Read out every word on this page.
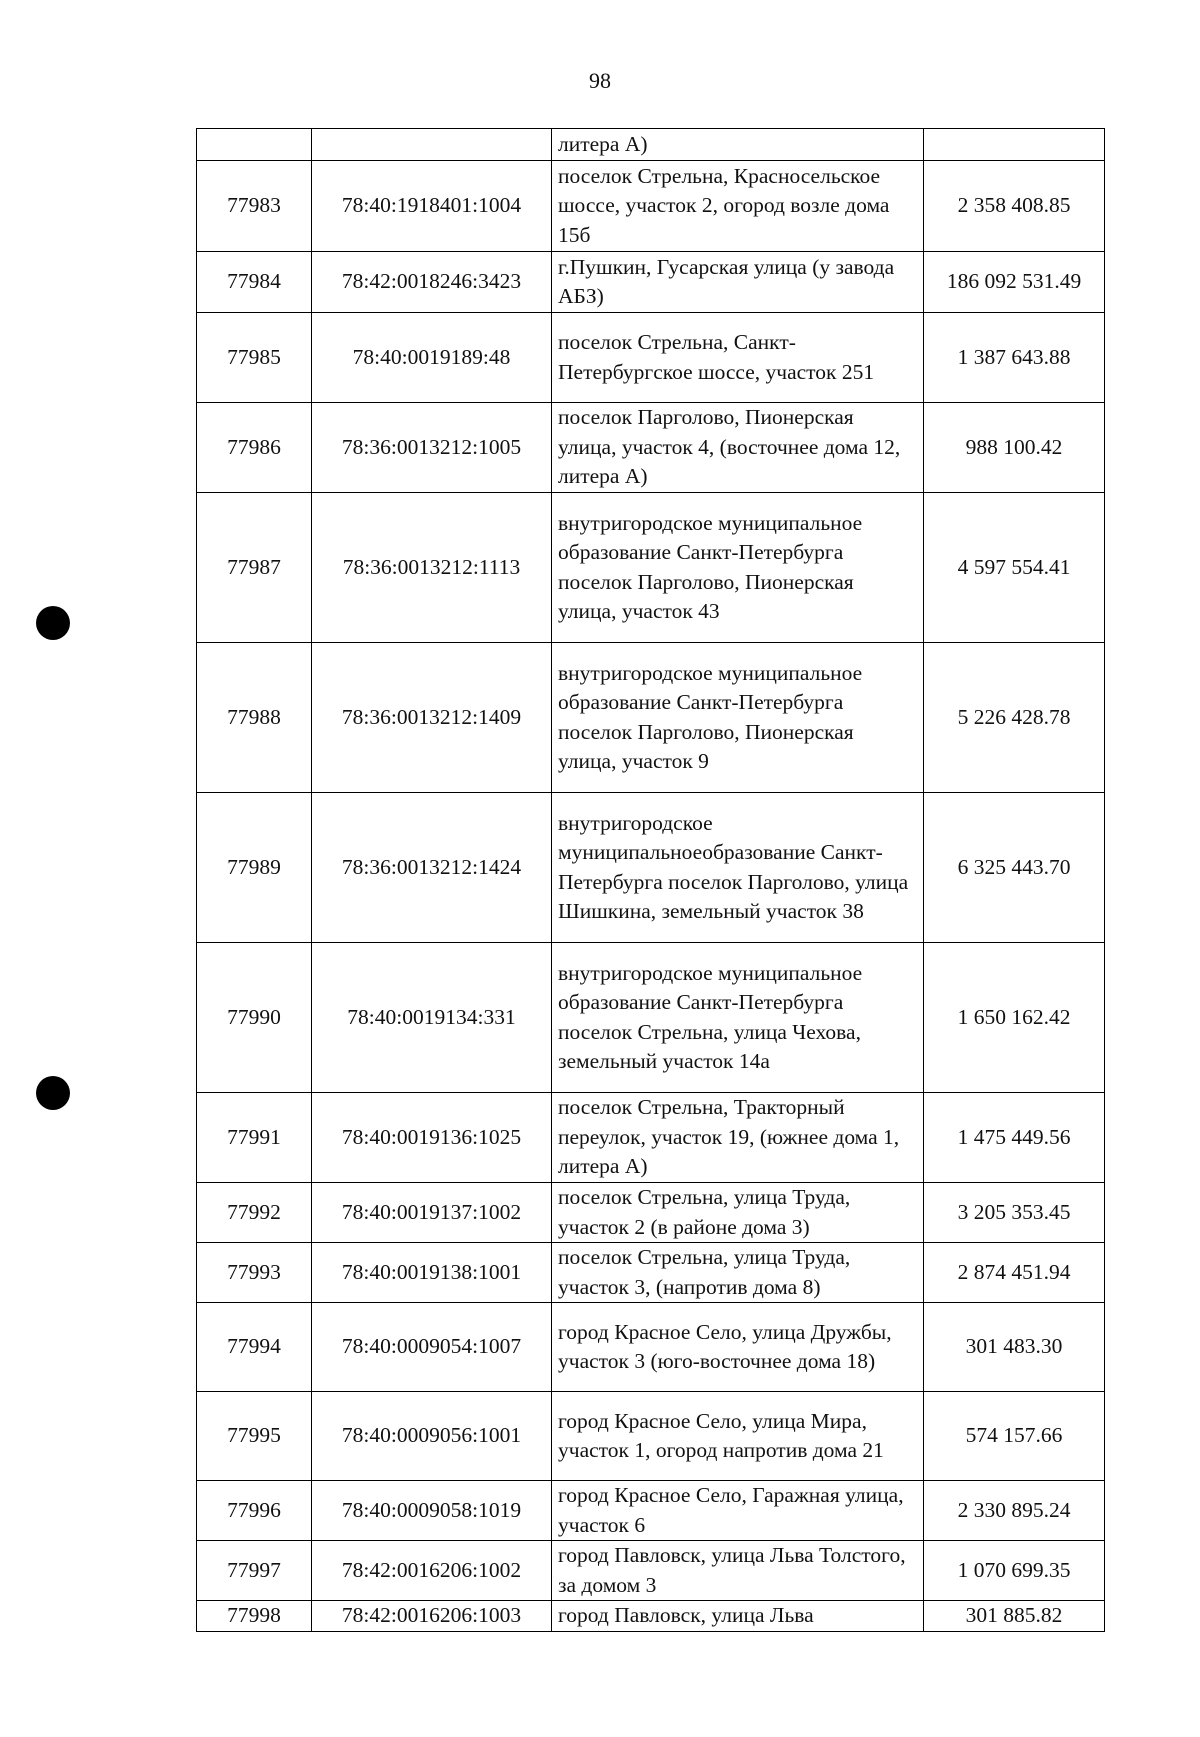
98
		литера А)	
77983	78:40:1918401:1004	поселок Стрельна, Красносельское шоссе, участок 2, огород возле дома 15б	2 358 408.85
77984	78:42:0018246:3423	г.Пушкин, Гусарская улица (у завода АБЗ)	186 092 531.49
77985	78:40:0019189:48	поселок Стрельна, Санкт-Петербургское шоссе, участок 251	1 387 643.88
77986	78:36:0013212:1005	поселок Парголово, Пионерская улица, участок 4, (восточнее дома 12, литера А)	988 100.42
77987	78:36:0013212:1113	внутригородское муниципальное образование Санкт-Петербурга поселок Парголово, Пионерская улица, участок 43	4 597 554.41
77988	78:36:0013212:1409	внутригородское муниципальное образование Санкт-Петербурга поселок Парголово, Пионерская улица, участок 9	5 226 428.78
77989	78:36:0013212:1424	внутригородское муниципальноеобразование Санкт-Петербурга поселок Парголово, улица Шишкина, земельный участок 38	6 325 443.70
77990	78:40:0019134:331	внутригородское муниципальное образование Санкт-Петербурга поселок Стрельна, улица Чехова, земельный участок 14а	1 650 162.42
77991	78:40:0019136:1025	поселок Стрельна, Тракторный переулок, участок 19, (южнее дома 1, литера А)	1 475 449.56
77992	78:40:0019137:1002	поселок Стрельна, улица Труда, участок 2 (в районе дома 3)	3 205 353.45
77993	78:40:0019138:1001	поселок Стрельна, улица Труда, участок 3, (напротив дома 8)	2 874 451.94
77994	78:40:0009054:1007	город Красное Село, улица Дружбы, участок 3 (юго-восточнее дома 18)	301 483.30
77995	78:40:0009056:1001	город Красное Село, улица Мира, участок 1, огород напротив дома 21	574 157.66
77996	78:40:0009058:1019	город Красное Село, Гаражная улица, участок 6	2 330 895.24
77997	78:42:0016206:1002	город Павловск, улица Льва Толстого, за домом 3	1 070 699.35
77998	78:42:0016206:1003	город Павловск, улица Льва	301 885.82
